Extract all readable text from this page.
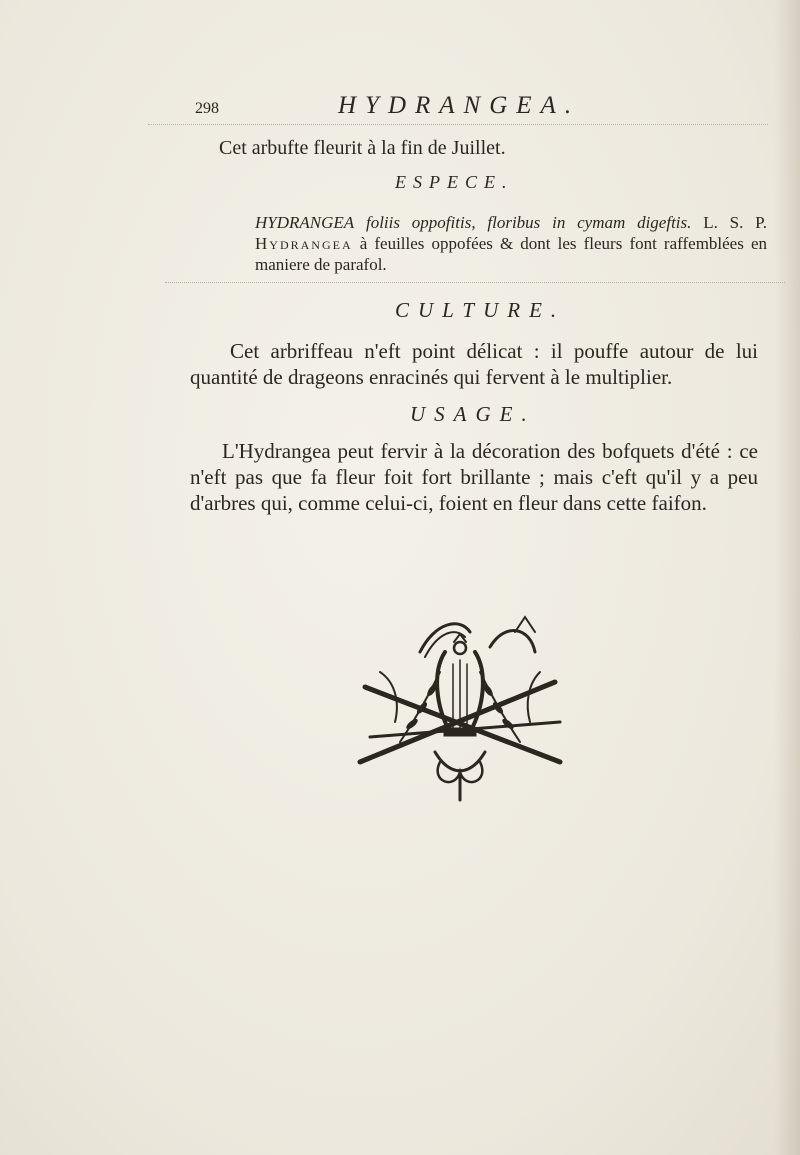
298	HYDRANGEA.
Cet arbufte fleurit à la fin de Juillet.
ESPECE.
HYDRANGEA foliis oppofitis, floribus in cymam digeftis. L. S. P. Hydrangea à feuilles oppofées & dont les fleurs font raffemblées en maniere de parafol.
CULTURE.
Cet arbriffeau n'eft point délicat : il pouffe autour de lui quantité de drageons enracinés qui fervent à le multiplier.
USAGE.
L'Hydrangea peut fervir à la décoration des bofquets d'été : ce n'eft pas que fa fleur foit fort brillante ; mais c'eft qu'il y a peu d'arbres qui, comme celui-ci, foient en fleur dans cette faifon.
